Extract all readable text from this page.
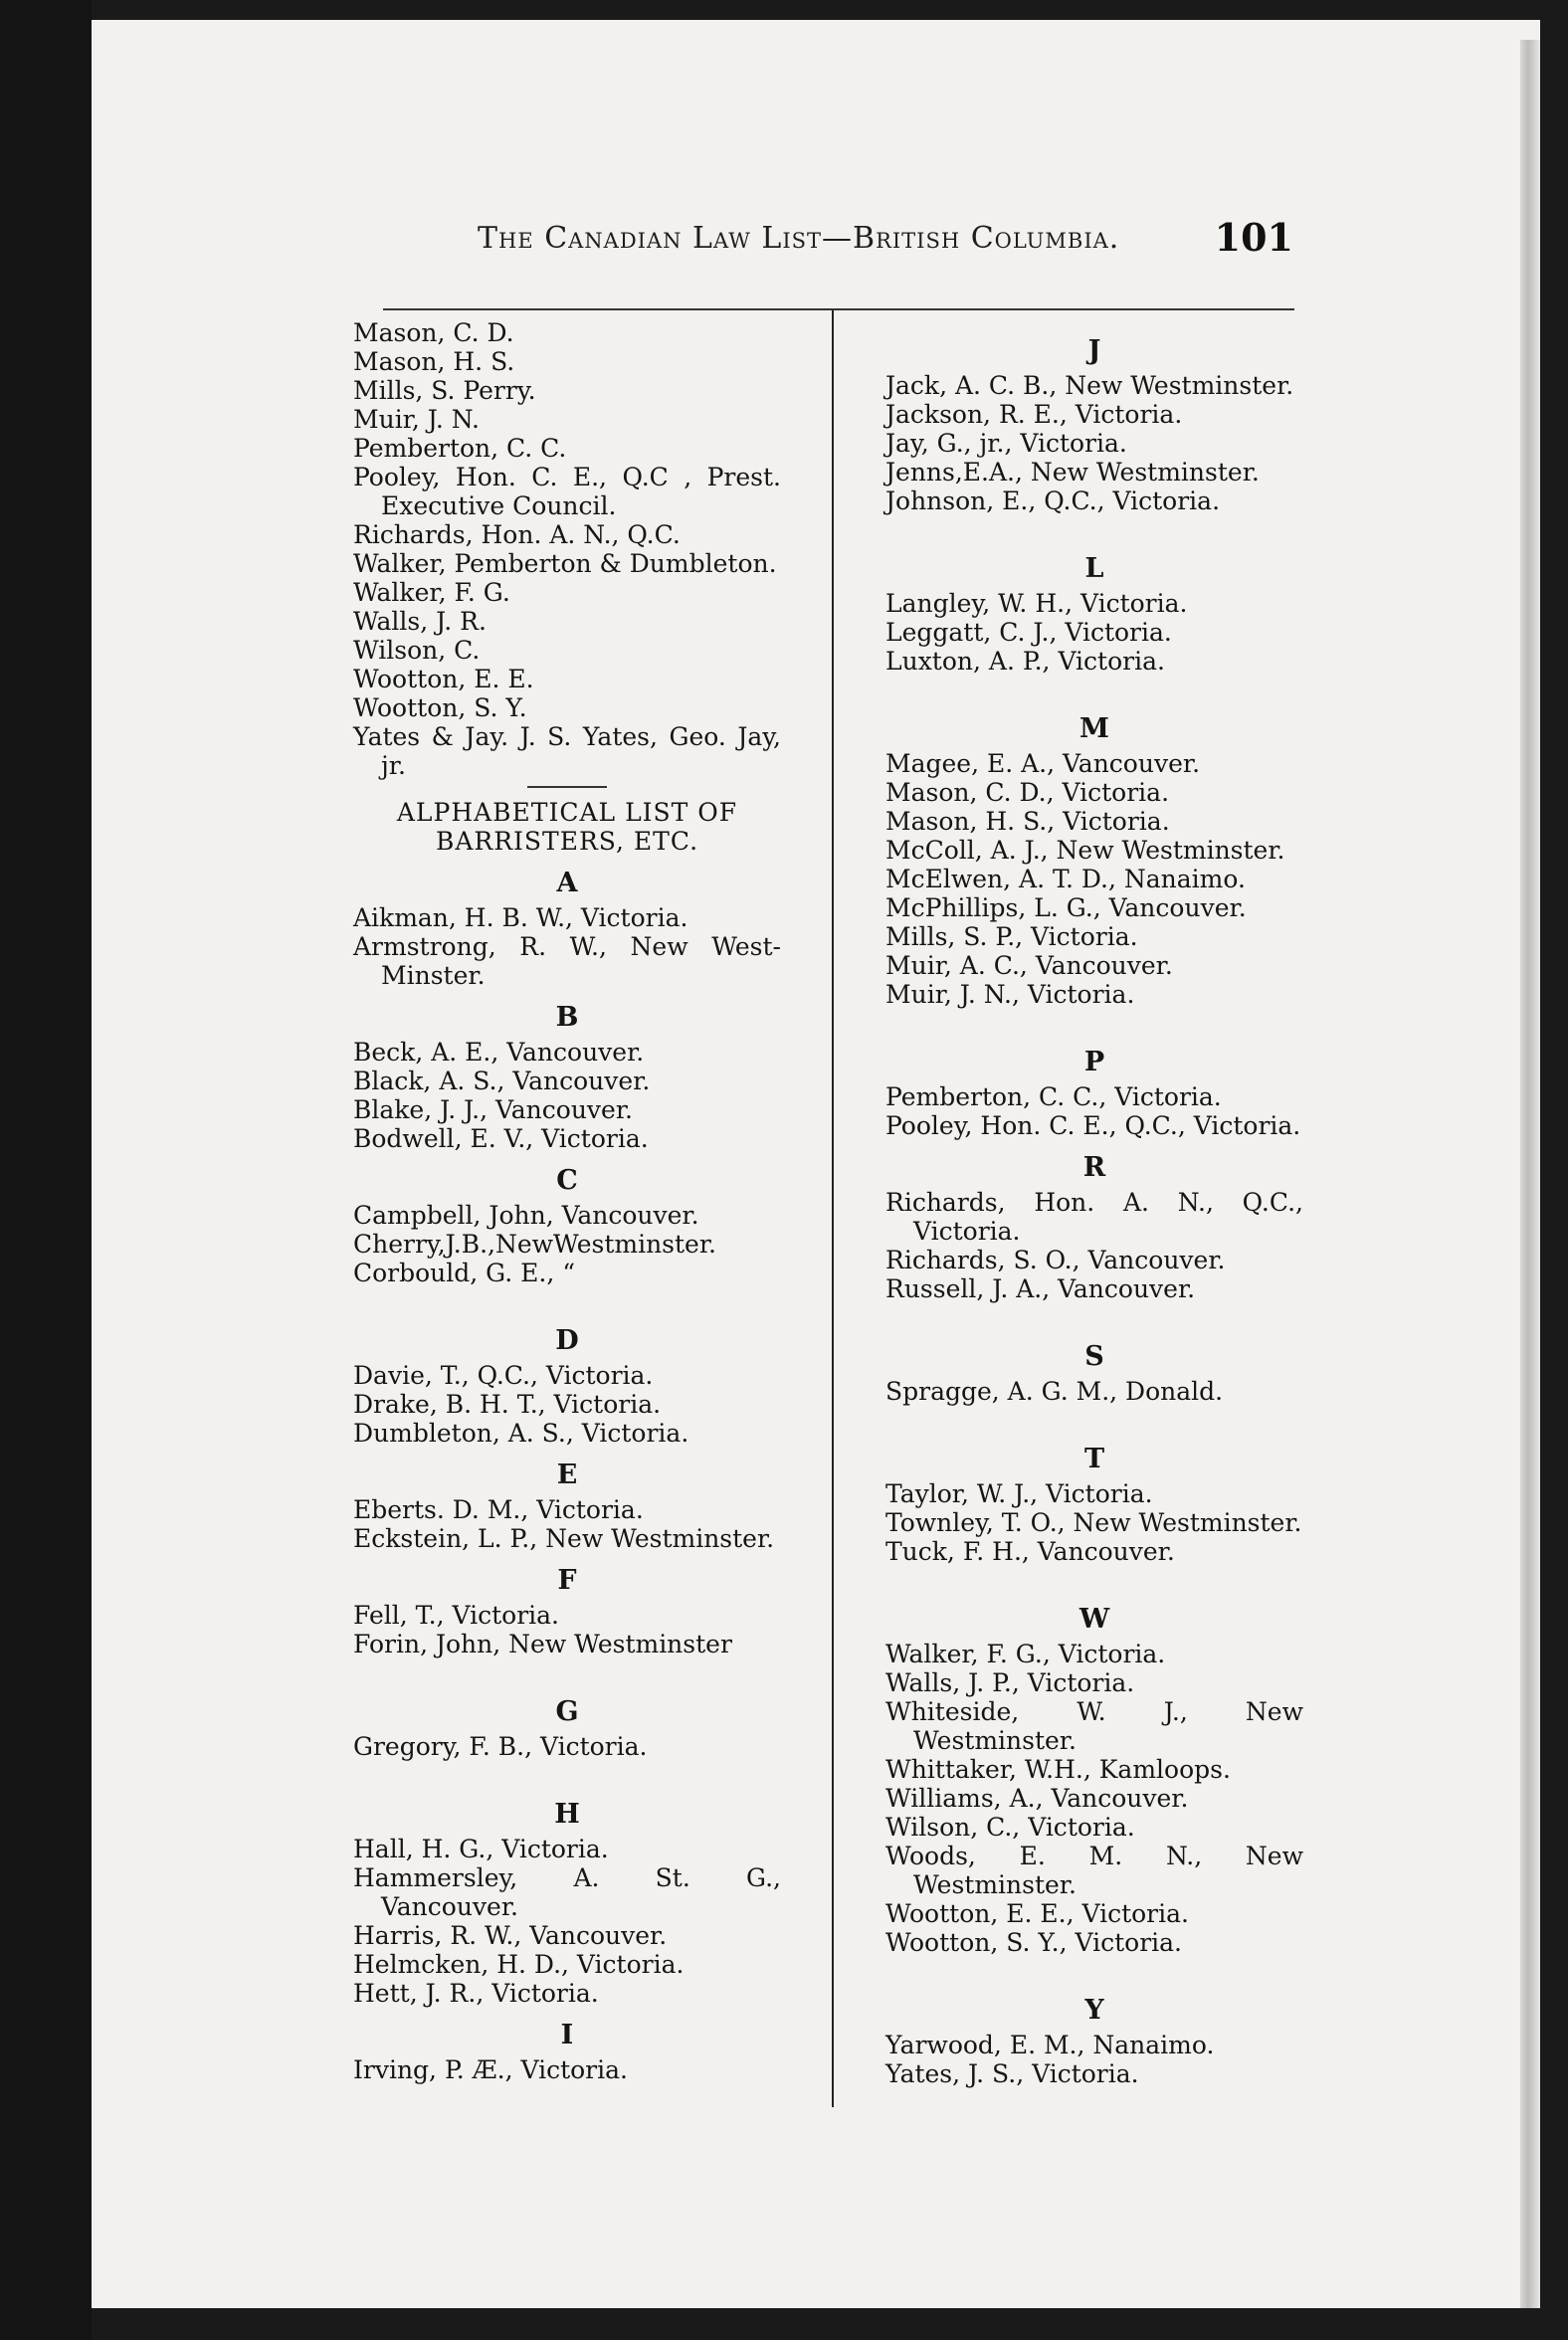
The Canadian Law List—British Columbia.	101
Mason, C. D.
Mason, H. S.
Mills, S. Perry.
Muir, J. N.
Pemberton, C. C.
Pooley, Hon. C. E., Q.C , Prest. Executive Council.
Richards, Hon. A. N., Q.C.
Walker, Pemberton & Dumbleton.
Walker, F. G.
Walls, J. R.
Wilson, C.
Wootton, E. E.
Wootton, S. Y.
Yates & Jay. J. S. Yates, Geo. Jay, jr.
ALPHABETICAL LIST OF
BARRISTERS, ETC.
A
Aikman, H. B. W., Victoria.
Armstrong, R. W., New West-Minster.
B
Beck, A. E., Vancouver.
Black, A. S., Vancouver.
Blake, J. J., Vancouver.
Bodwell, E. V., Victoria.
C
Campbell, John, Vancouver.
Cherry,J.B.,NewWestminster.
Corbould, G. E., “
D
Davie, T., Q.C., Victoria.
Drake, B. H. T., Victoria.
Dumbleton, A. S., Victoria.
E
Eberts. D. M., Victoria.
Eckstein, L. P., New Westminster.
F
Fell, T., Victoria.
Forin, John, New Westminster
G
Gregory, F. B., Victoria.
H
Hall, H. G., Victoria.
Hammersley, A. St. G., Vancouver.
Harris, R. W., Vancouver.
Helmcken, H. D., Victoria.
Hett, J. R., Victoria.
I
Irving, P. Æ., Victoria.
J
Jack, A. C. B., New Westminster.
Jackson, R. E., Victoria.
Jay, G., jr., Victoria.
Jenns,E.A., New Westminster.
Johnson, E., Q.C., Victoria.
L
Langley, W. H., Victoria.
Leggatt, C. J., Victoria.
Luxton, A. P., Victoria.
M
Magee, E. A., Vancouver.
Mason, C. D., Victoria.
Mason, H. S., Victoria.
McColl, A. J., New Westminster.
McElwen, A. T. D., Nanaimo.
McPhillips, L. G., Vancouver.
Mills, S. P., Victoria.
Muir, A. C., Vancouver.
Muir, J. N., Victoria.
P
Pemberton, C. C., Victoria.
Pooley, Hon. C. E., Q.C., Victoria.
R
Richards, Hon. A. N., Q.C., Victoria.
Richards, S. O., Vancouver.
Russell, J. A., Vancouver.
S
Spragge, A. G. M., Donald.
T
Taylor, W. J., Victoria.
Townley, T. O., New Westminster.
Tuck, F. H., Vancouver.
W
Walker, F. G., Victoria.
Walls, J. P., Victoria.
Whiteside, W. J., New Westminster.
Whittaker, W.H., Kamloops.
Williams, A., Vancouver.
Wilson, C., Victoria.
Woods, E. M. N., New Westminster.
Wootton, E. E., Victoria.
Wootton, S. Y., Victoria.
Y
Yarwood, E. M., Nanaimo.
Yates, J. S., Victoria.
